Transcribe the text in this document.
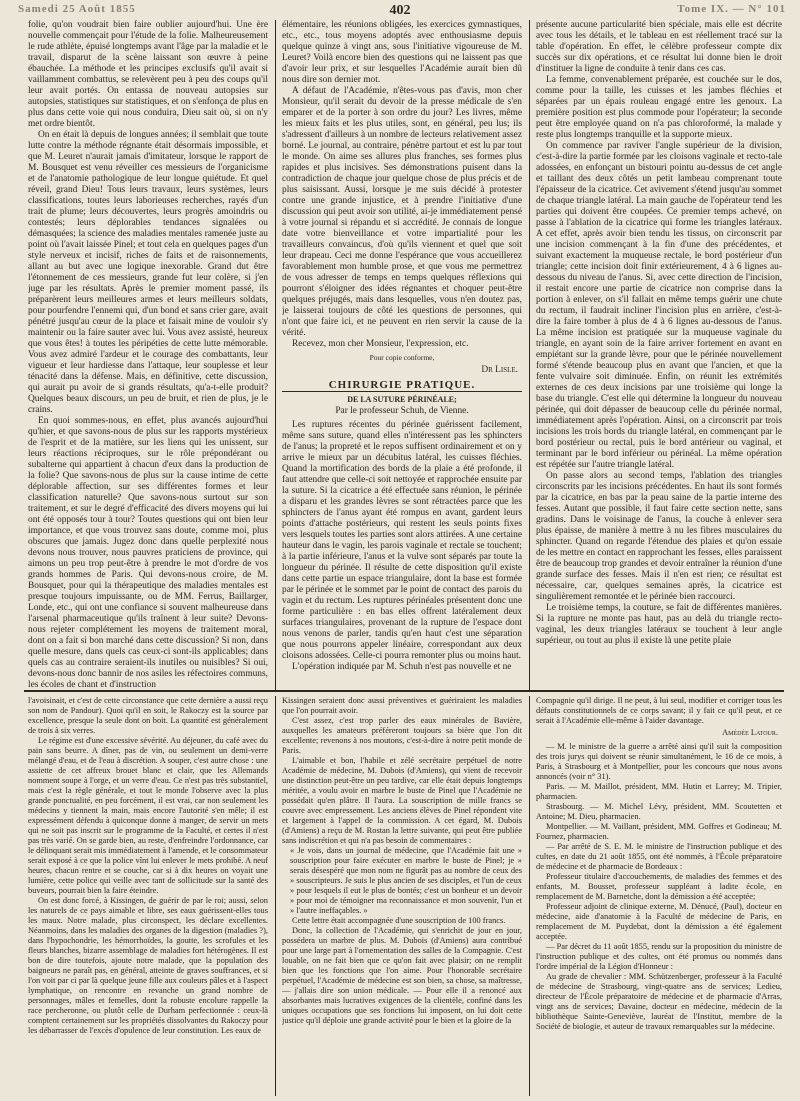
Samedi 25 Août 1855	402	Tome IX. — N° 101

folie, qu'on voudrait bien faire oublier aujourd'hui. Une ère nouvelle commençait pour l'étude de la folie. Malheureusement le rude athlète, épuisé longtemps avant l'âge par la maladie et le travail, disparut de la scène laissant son œuvre à peine ébauchée. La méthode et les principes exclusifs qu'il avait si vaillamment combattus, se relevèrent peu à peu des coups qu'il leur avait portés. On entassa de nouveau autopsies sur autopsies, statistiques sur statistiques, et on s'enfonça de plus en plus dans cette voie qui nous conduira, Dieu sait où, si on n'y met ordre bientôt.

On en était là depuis de longues années; il semblait que toute lutte contre la méthode régnante était désormais impossible, et que M. Leuret n'aurait jamais d'imitateur, lorsque le rapport de M. Bousquet est venu réveiller ces messieurs de l'organicisme et de l'anatomie pathologique de leur longue quiétude. Et quel réveil, grand Dieu! Tous leurs travaux, leurs systèmes, leurs classifications, toutes leurs laborieuses recherches, rayés d'un trait de plume; leurs découvertes, leurs progrès amoindris ou contestés; leurs déplorables tendances signalées ou démasquées; la science des maladies mentales ramenée juste au point où l'avait laissée Pinel; et tout cela en quelques pages d'un style nerveux et incisif, riches de faits et de raisonnements, allant au but avec une logique inexorable. Grand dut être l'étonnement de ces messieurs, grande fut leur colère, si j'en juge par les résultats. Après le premier moment passé, ils préparèrent leurs meilleures armes et leurs meilleurs soldats, pour pourfendre l'ennemi qui, d'un bond et sans crier gare, avait pénétré jusqu'au cœur de la place et faisait mine de vouloir s'y maintenir ou la faire sauter avec lui. Vous avez assisté, heureux que vous êtes! à toutes les péripéties de cette lutte mémorable. Vous avez admiré l'ardeur et le courage des combattants, leur vigueur et leur hardiesse dans l'attaque, leur souplesse et leur ténacité dans la défense. Mais, en définitive, cette discussion, qui aurait pu avoir de si grands résultats, qu'a-t-elle produit? Quelques beaux discours, un peu de bruit, et rien de plus, je le crains.

En quoi sommes-nous, en effet, plus avancés aujourd'hui qu'hier, et que savons-nous de plus sur les rapports mystérieux de l'esprit et de la matière, sur les liens qui les unissent, sur leurs réactions réciproques, sur le rôle prépondérant ou subalterne qui appartient à chacun d'eux dans la production de la folie? Que savons-nous de plus sur la cause intime de cette déplorable affection, sur ses différentes formes et leur classification naturelle? Que savons-nous surtout sur son traitement, et sur le degré d'efficacité des divers moyens qui lui ont été opposés tour à tour? Toutes questions qui ont bien leur importance, et que vous trouvez sans doute, comme moi, plus obscures que jamais. Jugez donc dans quelle perplexité nous devons nous trouver, nous pauvres praticiens de province, qui aimons un peu trop peut-être à prendre le mot d'ordre de vos grands hommes de Paris. Qui devons-nous croire, de M. Bousquet, pour qui la thérapeutique des maladies mentales est presque toujours impuissante, ou de MM. Ferrus, Baillarger, Londe, etc., qui ont une confiance si souvent malheureuse dans l'arsenal pharmaceutique qu'ils traînent à leur suite? Devons-nous rejeter complétement les moyens de traitement moral, dont on a fait si bon marché dans cette discussion? Si non, dans quelle mesure, dans quels cas ceux-ci sont-ils applicables; dans quels cas au contraire seraient-ils inutiles ou nuisibles? Si oui, devons-nous donc bannir de nos asiles les réfectoires communs, les écoles de chant et d'instruction

élémentaire, les réunions obligées, les exercices gymnastiques, etc., etc., tous moyens adoptés avec enthousiasme depuis quelque quinze à vingt ans, sous l'initiative vigoureuse de M. Leuret? Voilà encore bien des questions qui ne laissent pas que d'avoir leur prix, et sur lesquelles l'Académie aurait bien dû nous dire son dernier mot.

A défaut de l'Académie, n'êtes-vous pas d'avis, mon cher Monsieur, qu'il serait du devoir de la presse médicale de s'en emparer et de la porter à son ordre du jour? Les livres, même les mieux faits et les plus utiles, sont, en général, peu lus; ils s'adressent d'ailleurs à un nombre de lecteurs relativement assez borné. Le journal, au contraire, pénètre partout et est lu par tout le monde. On aime ses allures plus franches, ses formes plus rapides et plus incisives. Ses démonstrations puisent dans la contradiction de chaque jour quelque chose de plus précis et de plus saisissant. Aussi, lorsque je me suis décidé à protester contre une grande injustice, et à prendre l'initiative d'une discussion qui peut avoir son utilité, ai-je immédiatement pensé à votre journal si répandu et si accrédité. Je connais de longue date votre bienveillance et votre impartialité pour les travailleurs convaincus, d'où qu'ils viennent et quel que soit leur drapeau. Ceci me donne l'espérance que vous accueillerez favorablement mon humble prose, et que vous me permettrez de vous adresser de temps en temps quelques réflexions qui pourront s'éloigner des idées régnantes et choquer peut-être quelques préjugés, mais dans lesquelles, vous n'en doutez pas, je laisserai toujours de côté les questions de personnes, qui n'ont que faire ici, et ne peuvent en rien servir la cause de la vérité.

Recevez, mon cher Monsieur, l'expression, etc.

Pour copie conforme,

Dr Lisle.
CHIRURGIE PRATIQUE.
DE LA SUTURE PÉRINÉALE;
Par le professeur Schuh, de Vienne.

Les ruptures récentes du périnée guérissent facilement, même sans suture, quand elles n'intéressent pas les sphincters de l'anus; la propreté et le repos suffisent ordinairement et on y arrive le mieux par un décubitus latéral, les cuisses fléchies. Quand la mortification des bords de la plaie a été profonde, il faut attendre que celle-ci soit nettoyée et rapprochée ensuite par la suture. Si la cicatrice a été effectuée sans réunion, le périnée a disparu et les grandes lèvres se sont rétractées parce que les sphincters de l'anus ayant été rompus en avant, gardent leurs points d'attache postérieurs, qui restent les seuls points fixes vers lesquels toutes les parties sont alors attirées. A une certaine hauteur dans le vagin, les parois vaginale et rectale se touchent; à la partie inférieure, l'anus et la vulve sont séparés par toute la longueur du périnée. Il résulte de cette disposition qu'il existe dans cette partie un espace triangulaire, dont la base est formée par le périnée et le sommet par le point de contact des parois du vagin et du rectum. Les ruptures périnéales présentent donc une forme particulière : en bas elles offrent latéralement deux surfaces triangulaires, provenant de la rupture de l'espace dont nous venons de parler, tandis qu'en haut c'est une séparation que nous pourrons appeler linéaire, correspondant aux deux cloisons adossées. Celle-ci pourra remonter plus ou moins haut.

L'opération indiquée par M. Schuh n'est pas nouvelle et ne

présente aucune particularité bien spéciale, mais elle est décrite avec tous les détails, et le tableau en est réellement tracé sur la table d'opération. En effet, le célèbre professeur compte dix succès sur dix opérations, et ce résultat lui donne bien le droit d'instituer la ligne de conduite à tenir dans ces cas.

La femme, convenablement préparée, est couchée sur le dos, comme pour la taille, les cuisses et les jambes fléchies et séparées par un épais rouleau engagé entre les genoux. La première position est plus commode pour l'opérateur; la seconde peut être employée quand on n'a pas chloroformé, la malade y reste plus longtemps tranquille et la supporte mieux.

On commence par raviver l'angle supérieur de la division, c'est-à-dire la partie formée par les cloisons vaginale et recto-tale adossées, en enfonçant un bistouri pointu au-dessus de cet angle et taillant des deux côtés un petit lambeau comprenant toute l'épaisseur de la cicatrice. Cet avivement s'étend jusqu'au sommet de chaque triangle latéral. La main gauche de l'opérateur tend les parties qui doivent être coupées. Ce premier temps achevé, on passe à l'ablation de la cicatrice qui forme les triangles latéraux. A cet effet, après avoir bien tendu les tissus, on circonscrit par une incision commençant à la fin d'une des précédentes, et suivant exactement la muqueuse rectale, le bord postérieur d'un triangle; cette incision doit finir extérieurement, 4 à 6 lignes au-dessous du niveau de l'anus. Si, avec cette direction de l'incision, il restait encore une partie de cicatrice non comprise dans la portion à enlever, on s'il fallait en même temps guérir une chute du rectum, il faudrait incliner l'incision plus en arrière, c'est-à-dire la faire tomber à plus de 4 à 6 lignes au-dessous de l'anus. La même incision est pratiquée sur la muqueuse vaginale du triangle, en ayant soin de la faire arriver fortement en avant en empiétant sur la grande lèvre, pour que le périnée nouvellement formé s'étende beaucoup plus en avant que l'ancien, et que la fente vulvaire soit diminuée. Enfin, on réunit les extrémités externes de ces deux incisions par une troisième qui longe la base du triangle. C'est elle qui détermine la longueur du nouveau périnée, qui doit dépasser de beaucoup celle du périnée normal, immédiatement après l'opération. Ainsi, on a circonscrit par trois incisions les trois bords du triangle latéral, en commençant par le bord postérieur ou rectal, puis le bord antérieur ou vaginal, et terminant par le bord inférieur ou périnéal. La même opération est répétée sur l'autre triangle latéral.

On passe alors au second temps, l'ablation des triangles circonscrits par les incisions précédentes. En haut ils sont formés par la cicatrice, en bas par la peau saine de la partie interne des fesses. Autant que possible, il faut faire cette section nette, sans gradins. Dans le voisinage de l'anus, la couche à enlever sera plus épaisse, de manière à mettre à nu les fibres musculaires du sphincter. Quand on regarde l'étendue des plaies et qu'on essaie de les mettre en contact en rapprochant les fesses, elles paraissent être de beaucoup trop grandes et devoir entraîner la réunion d'une grande surface des fesses. Mais il n'en est rien; ce résultat est nécessaire, car, quelques semaines après, la cicatrice est singulièrement remontée et le périnée bien raccourci.

Le troisième temps, la couture, se fait de différentes manières. Si la rupture ne monte pas haut, pas au delà du triangle recto-vaginal, les deux triangles latéraux se touchent à leur angle supérieur, ou tout au plus il existe là une petite plaie

l'avoisinait, et c'est de cette circonstance que cette dernière a aussi reçu son nom de Pandour). Quoi qu'il en soit, le Rakoczy est la source par excellence, presque la seule dont on boit. La quantité est généralement de trois à six verres.

Le régime est d'une excessive sévérité. Au déjeuner, du café avec du pain sans beurre. A dîner, pas de vin, ou seulement un demi-verre mélangé d'eau, et de l'eau à discrétion. A souper, c'est autre chose : une assiette de cet affreux brouet blanc et clair, que les Allemands nomment soupe à l'orge, et un verre d'eau. Ce n'est pas très substantiel, mais c'est la règle générale, et tout le monde l'observe avec la plus grande ponctualité, en peu forcément, il est vrai, car non seulement les médecins y tiennent la main, mais encore l'autorité s'en mêle; il est expressément défendu à quiconque donne à manger, de servir un mets qui ne soit pas inscrit sur le programme de la Faculté, et certes il n'est pas très varié. On se garde bien, au reste, d'enfreindre l'ordonnance, car le délinquant serait mis immédiatement à l'amende, et le consommateur serait exposé à ce que la police vînt lui enlever le mets prohibé. A neuf heures, chacun rentre et se couche, car si à dix heures on voyait une lumière, cette police qui veille avec tant de sollicitude sur la santé des buveurs, pourrait bien la faire éteindre.

On est donc forcé, à Kissingen, de guérir de par le roi; aussi, selon les naturels de ce pays aimable et libre, ses eaux guérissent-elles tous les maux. Notre malade, plus circonspect, les déclare excellentes. Néanmoins, dans les maladies des organes de la digestion (maladies ?), dans l'hypochondrie, les hémorrhoïdes, la goutte, les scrofules et les fleurs blanches, bizarre assemblage de maladies fort hétérogènes. Il est bon de dire toutefois, ajoute notre malade, que la population des baigneurs ne paraît pas, en général, atteinte de graves souffrances, et si l'on voit par ci par là quelque jeune fille aux couleurs pâles et à l'aspect lymphatique, on rencontre en revanche un grand nombre de personnages, mâles et femelles, dont la robuste encolure rappelle la race percheronne, ou plutôt celle de Durham perfectionnée : ceux-là comptent certainement sur les propriétés dissolvantes du Rakoczy pour les débarrasser de l'excès d'opulence de leur constitution. Les eaux de

Kissingen seraient donc aussi préventives et guériraient les maladies que l'on pourrait avoir.

C'est assez, c'est trop parler des eaux minérales de Bavière, auxquelles les amateurs préféreront toujours sa bière que l'on dit excellente; revenons à nos moutons, c'est-à-dire à notre petit monde de Paris.

L'aimable et bon, l'habile et zélé secrétaire perpétuel de notre Académie de médecine, M. Dubois (d'Amiens), qui vient de recevoir une distinction peut-être un peu tardive, car elle était depuis longtemps méritée, a voulu avoir en marbre le buste de Pinel que l'Académie ne possédait qu'en plâtre. Il l'aura. La souscription de mille francs se couvre avec empressement. Les anciens élèves de Pinel répondent vite et largement à l'appel de la commission. A cet égard, M. Dubois (d'Amiens) a reçu de M. Rostan la lettre suivante, qui peut être publiée sans indiscrétion et qui n'a pas besoin de commentaires :

« Je vois, dans un journal de médecine, que l'Académie fait une » souscription pour faire exécuter en marbre le buste de Pinel; je » serais désespéré que mon nom ne figurât pas au nombre de ceux des » souscripteurs. Je suis le plus ancien de ses disciples, et l'un de ceux » pour lesquels il eut le plus de bontés; c'est un bonheur et un devoir » pour moi de témoigner ma reconnaissance et mon souvenir, l'un et » l'autre ineffaçables. »

Cette lettre était accompagnée d'une souscription de 100 francs.

Donc, la collection de l'Académie, qui s'enrichit de jour en jour, possédera un marbre de plus. M. Dubois (d'Amiens) aura contribué pour une large part à l'ornementation des salles de la Compagnie. C'est louable, on ne fait bien que ce qu'on fait avec plaisir; on ne remplit bien que les fonctions que l'on aime. Pour l'honorable secrétaire perpétuel, l'Académie de médecine est son bien, sa chose, sa maîtresse, — j'allais dire son union médicale. — Pour elle il a renoncé aux absorbantes mais lucratives exigences de la clientèle, confiné dans les uniques occupations que ses fonctions lui imposent, on lui doit cette justice qu'il déploie une grande activité pour le bien et la gloire de la

Compagnie qu'il dirige. Il ne peut, à lui seul, modifier et corriger tous les défauts constitutionnels de ce corps savant; il y fait ce qu'il peut, et ce serait à l'Académie elle-même à l'aider davantage.

Amédée Latour.

— M. le ministre de la guerre a arrêté ainsi qu'il suit la composition des trois jurys qui doivent se réunir simultanément, le 16 de ce mois, à Paris, à Strasbourg et à Montpellier, pour les concours que nous avons annoncés (voir n° 31).

Paris. — M. Maillot, président, MM. Hutin et Larrey; M. Tripier, pharmacien.

Strasbourg. — M. Michel Lévy, président, MM. Scoutetten et Antoine; M. Dieu, pharmacien.

Montpellier. — M. Vaillant, président, MM. Goffres et Godineau; M. Fournez, pharmacien.

— Par arrêté de S. E. M. le ministre de l'instruction publique et des cultes, en date du 21 août 1855, ont été nommés, à l'École préparatoire de médecine et de pharmacie de Bordeaux :

Professeur titulaire d'accouchements, de maladies des femmes et des enfants, M. Bousset, professeur suppléant à ladite école, en remplacement de M. Barnetche, dont la démission a été acceptée;

Professeur adjoint de clinique externe, M. Dénucé, (Paul), docteur en médecine, aide d'anatomie à la Faculté de médecine de Paris, en remplacement de M. Puydebat, dont la démission a été également acceptée.

— Par décret du 11 août 1855, rendu sur la proposition du ministre de l'instruction publique et des cultes, ont été promus ou nommés dans l'ordre impérial de la Légion d'Honneur :

Au grade de chevalier : MM. Schützenberger, professeur à la Faculté de médecine de Strasbourg, vingt-quatre ans de services; Ledieu, directeur de l'École préparatoire de médecine et de pharmacie d'Arras, vingt ans de services; Davaine, docteur en médecine, médecin de la bibliothèque Sainte-Geneviève, lauréat de l'Institut, membre de la Société de biologie, et auteur de travaux remarquables sur la médecine.
